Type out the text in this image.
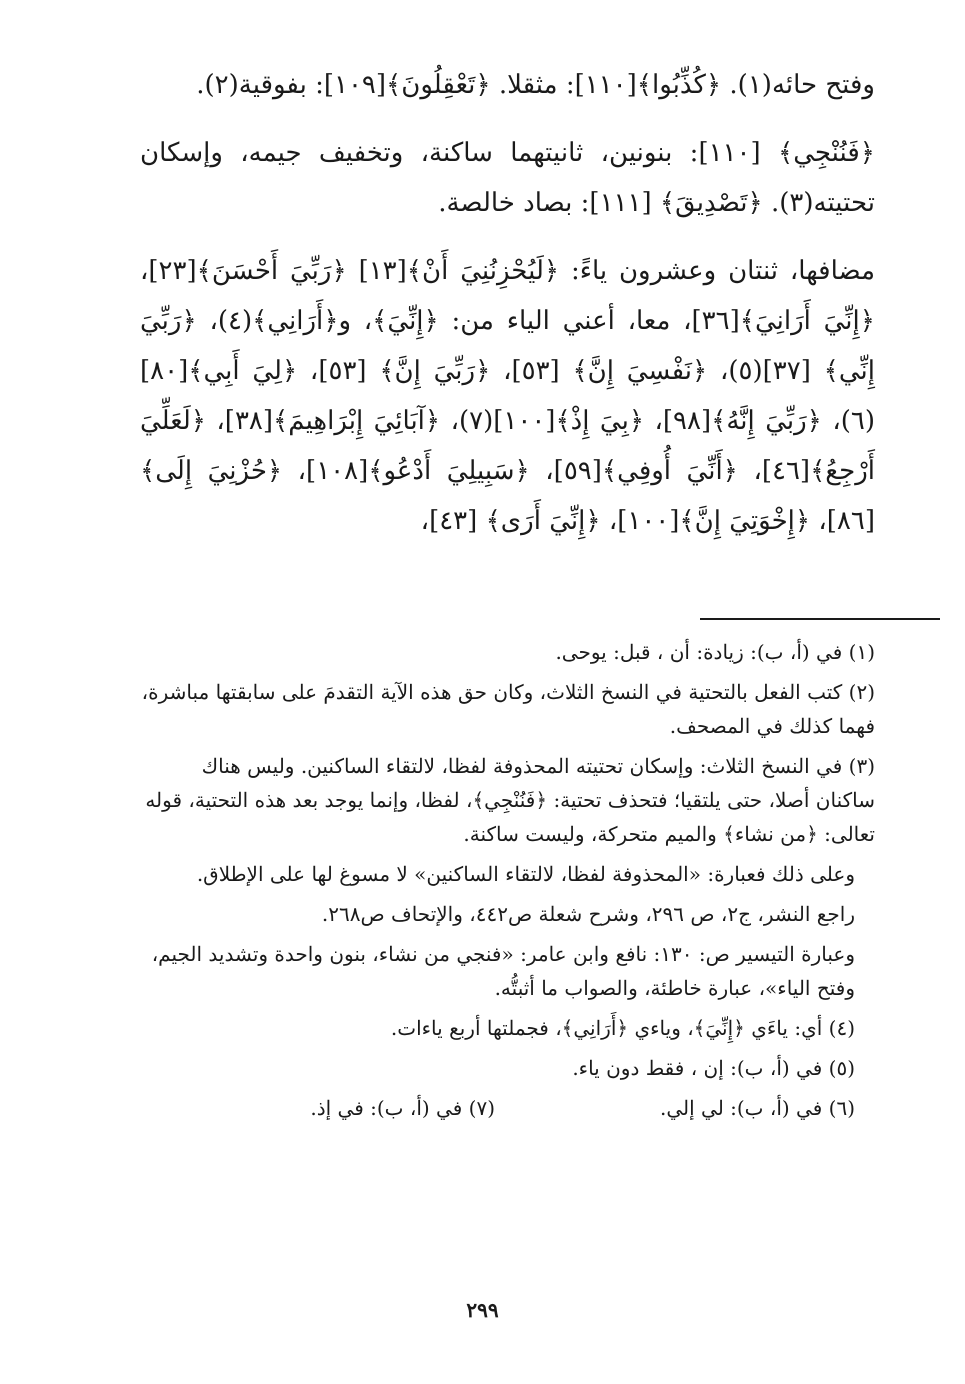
وفتح حائه(١). ﴿كُذِّبُوا﴾[١١٠]: مثقلا. ﴿تَعْقِلُونَ﴾[١٠٩]: بفوقية(٢).

﴿فَنُنْجِي﴾ [١١٠]: بنونين، ثانيتهما ساكنة، وتخفيف جيمه، وإسكان تحتيته(٣). ﴿تَصْدِيقَ﴾ [١١١]: بصاد خالصة.

مضافها، ثنتان وعشرون ياءً: ﴿لَيُحْزِنُنِيَ أَنْ﴾[١٣] ﴿رَبِّيَ أَحْسَنَ﴾[٢٣]، ﴿إِنِّيَ أَرَانِيَ﴾[٣٦]، معا، أعني الياء من: ﴿إِنِّيَ﴾، و﴿أَرَانِي﴾(٤)، ﴿رَبِّيَ إِنِّي﴾ [٣٧](٥)، ﴿نَفْسِيَ إِنَّ﴾ [٥٣]، ﴿رَبِّيَ إِنَّ﴾ [٥٣]، ﴿لِيَ أَبِي﴾[٨٠](٦)، ﴿رَبِّيَ إِنَّهُ﴾[٩٨]، ﴿بِيَ إِذْ﴾[١٠٠](٧)، ﴿آبَائِيَ إِبْرَاهِيمَ﴾[٣٨]، ﴿لَعَلِّيَ أَرْجِعُ﴾[٤٦]، ﴿أَنِّيَ أُوفِي﴾[٥٩]، ﴿سَبِيلِيَ أَدْعُو﴾[١٠٨]، ﴿حُزْنِيَ إِلَى﴾[٨٦]، ﴿إِخْوَتِيَ إِنَّ﴾[١٠٠]، ﴿إِنِّيَ أَرَى﴾ [٤٣]،

(١) في (أ، ب): زيادة: أن ، قبل: يوحى.

(٢) كتب الفعل بالتحتية في النسخ الثلاث، وكان حق هذه الآية التقدمَ على سابقتها مباشرة، فهما كذلك في المصحف.

(٣) في النسخ الثلاث: وإسكان تحتيته المحذوفة لفظا، لالتقاء الساكنين. وليس هناك ساكنان أصلا، حتى يلتقيا؛ فتحذف تحتية: ﴿فَنُنْجِي﴾، لفظا، وإنما يوجد بعد هذه التحتية، قوله تعالى: ﴿من نشاء﴾ والميم متحركة، وليست ساكنة.

وعلى ذلك فعبارة: «المحذوفة لفظا، لالتقاء الساكنين» لا مسوغ لها على الإطلاق.

راجع النشر، ج٢، ص ٢٩٦، وشرح شعلة ص٤٤٢، والإتحاف ص٢٦٨.

وعبارة التيسير ص: ١٣٠: نافع وابن عامر: «فنجي من نشاء، بنون واحدة وتشديد الجيم، وفتح الياء»، عبارة خاطئة، والصواب ما أثبتُّه.

(٤) أي: ياءَي ﴿إِنِّيَ﴾، وياءي ﴿أَرَانِي﴾، فجملتها أربع ياءات.

(٥) في (أ، ب): إن ، فقط دون ياء.

(٦) في (أ، ب): لي إلي.
(٧) في (أ، ب): في إذ.
٢٩٩
